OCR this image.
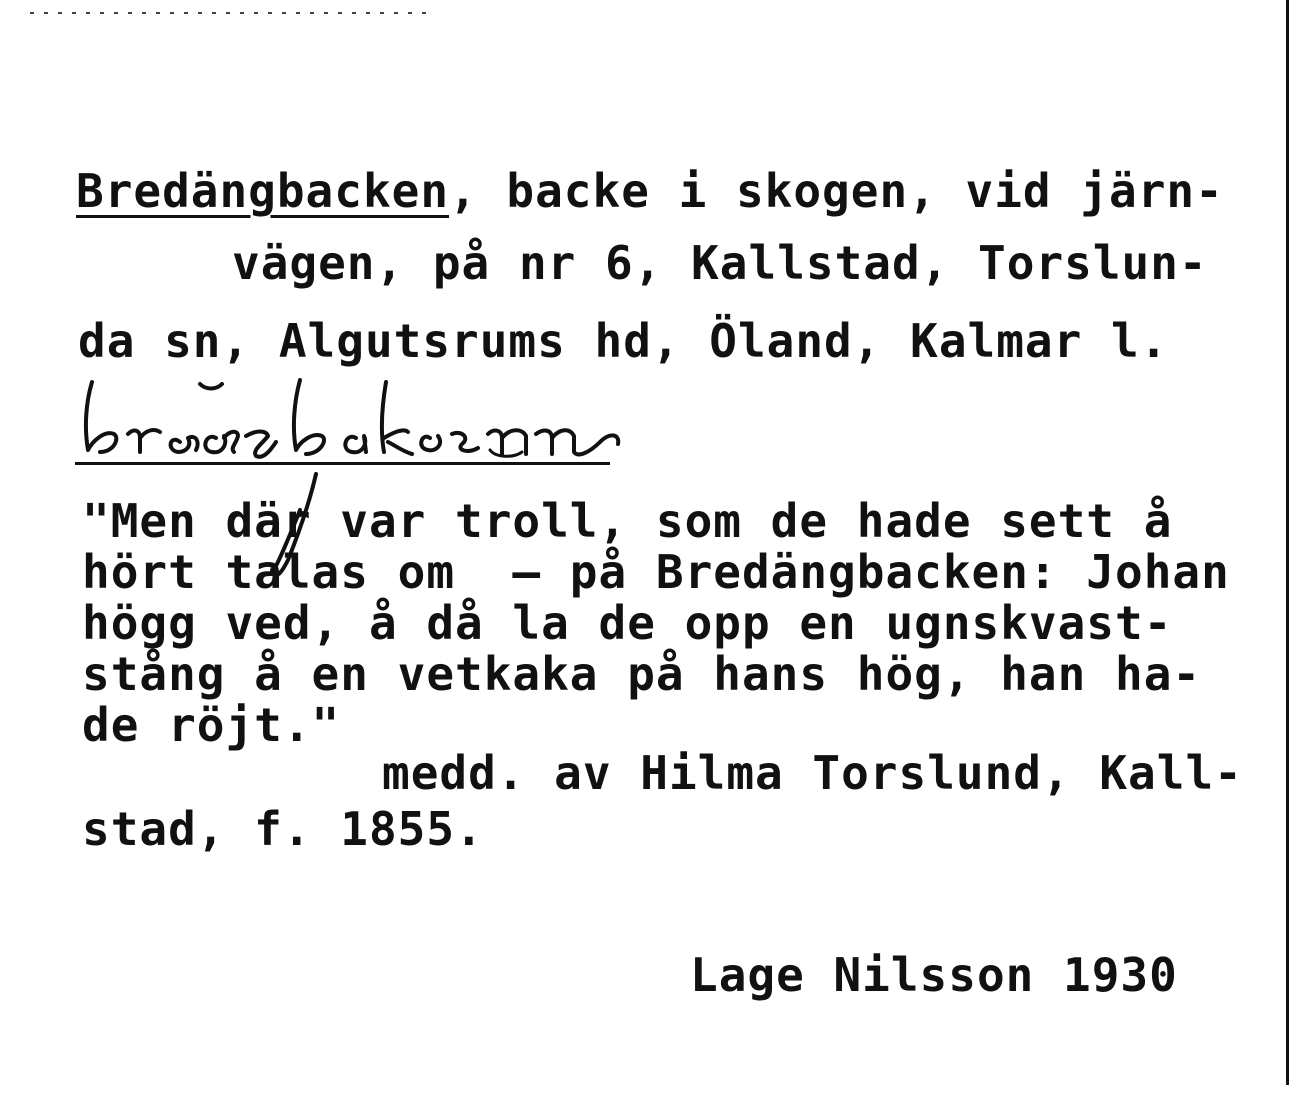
Bredängbacken, backe i skogen, vid järn-
vägen, på nr 6, Kallstad, Torslun-
da sn, Algutsrums hd, Öland, Kalmar l.
"Men där var troll, som de hade sett å
hört talas om  – på Bredängbacken: Johan
högg ved, å då la de opp en ugnskvast-
stång å en vetkaka på hans hög, han ha-
de röjt."
medd. av Hilma Torslund, Kall-
stad, f. 1855.
Lage Nilsson 1930
